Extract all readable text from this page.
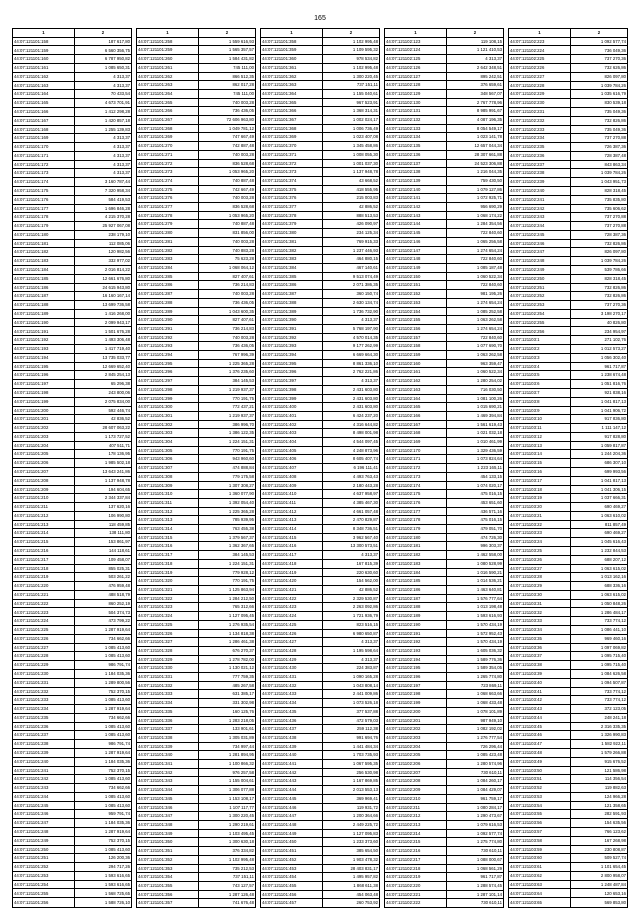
165
1	2
44:07:121101:158	187 617,80
44:07:121101:159	6 560 356,75
44:07:121101:160	6 787 950,82
44:07:121101:161	1 085 650,31
44:07:121101:162	4 313,37
44:07:121101:163	4 313,37
44:07:121101:164	70 433,54
44:07:121101:165	4 673 701,91
44:07:121101:166	1 412 298,28
44:07:121101:167	1 420 857,18
44:07:121101:168	1 255 139,83
44:07:121101:169	4 313,37
44:07:121101:170	4 313,37
44:07:121101:171	4 313,37
44:07:121101:172	4 313,37
44:07:121101:173	4 313,37
44:07:121101:174	3 160 787,44
44:07:121101:175	7 320 958,34
44:07:121101:176	584 419,53
44:07:121101:177	1 696 846,28
44:07:121101:178	4 215 370,28
44:07:121101:179	25 927 067,08
44:07:121101:180	238 179,10
44:07:121101:181	112 085,06
44:07:121101:182	120 982,56
44:07:121101:183	332 977,02
44:07:121101:184	2 016 814,22
44:07:121101:185	12 661 676,80
44:07:121101:186	24 615 943,80
44:07:121101:187	16 160 167,14
44:07:121101:188	13 699 736,58
44:07:121101:189	1 416 268,00
44:07:121101:190	2 099 943,17
44:07:121101:191	1 501 676,28
44:07:121101:192	1 493 306,48
44:07:121101:193	1 417 719,40
44:07:121101:194	13 735 033,77
44:07:121101:195	12 669 652,40
44:07:121101:196	2 845 254,13
44:07:121101:197	65 296,38
44:07:121101:198	243 800,06
44:07:121101:199	2 075 834,00
44:07:121101:200	592 446,74
44:07:121101:201	42 836,52
44:07:121101:202	28 607 063,22
44:07:121101:203	1 173 727,52
44:07:121101:204	407 511,71
44:07:121101:205	178 136,95
44:07:121101:206	1 985 502,18
44:07:121101:207	13 643 241,86
44:07:121101:208	1 137 948,78
44:07:121101:209	194 604,65
44:07:121101:210	2 344 337,84
44:07:121101:211	137 620,16
44:07:121101:212	106 990,80
44:07:121101:213	118 459,85
44:07:121101:214	138 111,80
44:07:121101:215	153 861,97
44:07:121101:216	144 118,61
44:07:121101:217	109 458,07
44:07:121101:218	855 025,31
44:07:121101:219	503 261,22
44:07:121101:220	476 959,48
44:07:121101:221	488 518,79
44:07:121101:222	860 252,19
44:07:121101:223	504 374,73
44:07:121101:224	473 799,22
44:07:121101:225	1 287 919,64
44:07:121101:226	734 662,66
44:07:121101:227	1 085 413,60
44:07:121101:228	1 085 413,60
44:07:121101:229	986 791,74
44:07:121101:230	1 184 035,36
44:07:121101:231	1 289 800,56
44:07:121101:232	752 370,15
44:07:121101:233	1 085 413,60
44:07:121101:234	1 287 919,64
44:07:121101:235	734 662,66
44:07:121101:236	1 085 413,60
44:07:121101:237	1 085 413,60
44:07:121101:238	986 791,74
44:07:121101:239	1 287 919,64
44:07:121101:240	1 184 035,36
44:07:121101:241	752 370,15
44:07:121101:242	1 085 413,60
44:07:121101:243	734 662,66
44:07:121101:244	1 085 413,60
44:07:121101:245	1 085 413,60
44:07:121101:246	959 791,74
44:07:121101:247	1 184 035,36
44:07:121101:248	1 287 919,64
44:07:121101:249	752 370,15
44:07:121101:250	1 085 413,60
44:07:121101:251	126 200,36
44:07:121101:252	294 717,26
44:07:121101:253	1 593 616,65
44:07:121101:254	1 593 616,65
44:07:121101:255	1 568 725,65
44:07:121101:256	1 588 726,10
1	2
44:07:121101:258	1 559 616,93
44:07:121101:259	1 565 357,57
44:07:121101:260	1 584 431,82
44:07:121101:261	745 111,00
44:07:121101:262	866 512,35
44:07:121101:263	862 017,28
44:07:121101:264	745 111,00
44:07:121101:265	740 003,28
44:07:121101:266	736 436,05
44:07:121101:267	72 606 963,80
44:07:121101:268	1 049 781,12
44:07:121101:269	747 667,49
44:07:121101:270	742 887,48
44:07:121101:271	740 003,28
44:07:121101:272	836 528,68
44:07:121101:273	1 053 965,20
44:07:121101:274	740 887,48
44:07:121101:275	742 667,49
44:07:121101:276	740 003,28
44:07:121101:277	836 528,68
44:07:121101:278	1 053 965,20
44:07:121101:279	740 887,48
44:07:121101:280	831 856,00
44:07:121101:281	740 003,28
44:07:121101:282	740 883,28
44:07:121101:283	75 623,28
44:07:121101:284	1 068 064,12
44:07:121101:285	827 407,61
44:07:121101:286	736 214,83
44:07:121101:287	740 003,28
44:07:121101:288	736 436,05
44:07:121101:289	1 043 600,35
44:07:121101:290	827 407,61
44:07:121101:291	736 214,83
44:07:121101:292	740 003,28
44:07:121101:293	736 436,05
44:07:121101:294	767 996,39
44:07:121101:295	1 225 365,28
44:07:121101:296	1 376 235,60
44:07:121101:297	384 145,53
44:07:121101:298	1 219 937,37
44:07:121101:299	770 191,75
44:07:121101:300	772 437,21
44:07:121101:301	1 219 937,37
44:07:121101:302	386 996,70
44:07:121101:303	1 386 122,35
44:07:121101:304	1 224 151,31
44:07:121101:305	770 191,75
44:07:121101:306	943 960,60
44:07:121101:307	474 888,84
44:07:121101:308	779 175,58
44:07:121101:309	1 307 308,27
44:07:121101:310	1 360 077,90
44:07:121101:311	1 392 054,40
44:07:121101:312	1 225 365,28
44:07:121101:313	785 939,95
44:07:121101:314	763 455,38
44:07:121101:315	1 379 567,37
44:07:121101:316	1 362 367,65
44:07:121101:317	384 145,53
44:07:121101:318	1 224 151,31
44:07:121101:319	779 928,12
44:07:121101:320	770 191,75
44:07:121101:321	1 125 863,94
44:07:121101:322	1 284 212,50
44:07:121101:323	765 312,66
44:07:121101:324	1 127 095,45
44:07:121101:325	1 276 935,54
44:07:121101:326	1 134 818,38
44:07:121101:327	1 286 461,38
44:07:121101:328	676 270,37
44:07:121101:329	1 278 782,00
44:07:121101:330	1 130 021,12
44:07:121101:331	777 759,35
44:07:121101:332	485 267,58
44:07:121101:333	631 385,17
44:07:121101:334	331 302,98
44:07:121101:335	160 125,76
44:07:121101:336	1 283 218,05
44:07:121101:337	133 901,61
44:07:121101:338	1 305 031,89
44:07:121101:339	734 997,44
44:07:121101:340	1 281 894,95
44:07:121101:341	1 100 866,32
44:07:121101:342	976 257,58
44:07:121101:343	1 155 004,61
44:07:121101:344	1 306 077,88
44:07:121101:345	1 153 108,17
44:07:121101:346	1 107 117,77
44:07:121101:347	1 300 220,45
44:07:121101:348	1 290 219,61
44:07:121101:349	1 103 495,45
44:07:121101:350	1 300 630,18
44:07:121101:351	376 334,82
44:07:121101:352	1 102 995,48
44:07:121101:353	735 212,53
44:07:121101:354	737 151,11
44:07:121101:355	743 127,57
44:07:121101:356	1 287 126,48
44:07:121101:357	741 676,48
1	2
44:07:121101:358	1 102 995,48
44:07:121101:359	1 109 595,32
44:07:121101:360	978 534,82
44:07:121101:361	1 102 995,48
44:07:121101:362	1 300 220,45
44:07:121101:363	737 151,11
44:07:121101:364	1 155 040,61
44:07:121101:365	967 523,91
44:07:121101:366	1 368 314,31
44:07:121101:367	1 002 024,17
44:07:121101:368	1 006 736,49
44:07:121101:369	1 023 407,08
44:07:121101:370	1 345 458,86
44:07:121101:371	1 008 055,30
44:07:121101:372	1 001 037,30
44:07:121101:373	1 137 948,78
44:07:121101:374	43 668,52
44:07:121101:375	418 555,95
44:07:121101:376	215 003,83
44:07:121101:377	42 886,52
44:07:121101:378	888 513,53
44:07:121101:379	426 090,97
44:07:121101:380	234 125,34
44:07:121101:381	769 915,33
44:07:121101:382	1 237 446,93
44:07:121101:383	464 880,15
44:07:121101:384	467 140,61
44:07:121101:385	9 513 074,49
44:07:121101:386	2 071 386,35
44:07:121101:387	360 150,74
44:07:121101:388	2 630 134,74
44:07:121101:389	1 736 732,90
44:07:121101:390	4 313,37
44:07:121101:391	5 768 197,90
44:07:121101:392	4 570 014,35
44:07:121101:393	9 177 262,99
44:07:121101:394	6 669 664,30
44:07:121101:395	8 861 336,10
44:07:121101:396	2 762 221,86
44:07:121101:397	4 313,37
44:07:121101:398	2 431 603,80
44:07:121101:399	2 431 603,80
44:07:121101:400	2 431 603,80
44:07:121101:401	6 424 237,20
44:07:121101:402	4 316 644,82
44:07:121101:403	8 498 001,98
44:07:121101:404	4 544 097,45
44:07:121101:405	4 248 873,96
44:07:121101:406	8 605 407,74
44:07:121101:407	6 196 111,41
44:07:121101:408	4 493 763,43
44:07:121101:409	2 180 443,28
44:07:121101:410	4 637 958,97
44:07:121101:411	4 385 467,30
44:07:121101:412	4 661 057,48
44:07:121101:413	2 470 829,87
44:07:121101:414	8 348 736,51
44:07:121101:415	3 962 567,40
44:07:121101:416	13 300 573,51
44:07:121101:417	4 313,37
44:07:121101:418	167 815,39
44:07:121101:419	220 630,60
44:07:121101:420	154 562,00
44:07:121101:421	42 886,52
44:07:121101:422	2 329 530,87
44:07:121101:423	2 263 092,86
44:07:121101:424	1 721 936,79
44:07:121101:425	823 516,15
44:07:121101:426	6 980 650,87
44:07:121101:427	4 313,37
44:07:121101:428	1 195 598,64
44:07:121101:429	4 313,37
44:07:121101:430	224 383,87
44:07:121101:431	1 090 165,28
44:07:121101:432	1 043 808,14
44:07:121101:433	2 441 009,86
44:07:121101:434	1 073 526,18
44:07:121101:435	377 537,88
44:07:121101:436	472 579,03
44:07:121101:437	259 112,38
44:07:121101:438	991 694,76
44:07:121101:439	1 441 484,34
44:07:121101:440	1 703 735,93
44:07:121101:441	1 067 595,35
44:07:121101:442	256 530,98
44:07:121101:443	1 167 869,85
44:07:121101:444	2 013 553,13
44:07:121101:445	369 969,41
44:07:121101:446	119 931,72
44:07:121101:447	1 200 364,66
44:07:121101:448	2 449 225,72
44:07:121101:449	1 127 095,83
44:07:121101:450	1 233 373,60
44:07:121101:451	385 654,50
44:07:121101:452	1 903 478,32
44:07:121101:453	28 403 831,17
44:07:121101:454	1 495 957,82
44:07:121101:455	1 868 611,38
44:07:121101:456	454 063,48
44:07:121101:457	260 753,92
1	2
44:07:121102:123	119 108,15
44:07:121102:124	1 121 410,53
44:07:121102:125	4 313,37
44:07:121102:126	2 642 348,51
44:07:121102:127	895 242,51
44:07:121102:128	376 659,61
44:07:121102:129	348 567,07
44:07:121102:130	2 767 778,96
44:07:121102:131	8 985 991,67
44:07:121102:132	4 087 196,35
44:07:121102:133	8 054 549,17
44:07:121102:134	1 023 141,78
44:07:121102:135	12 657 044,34
44:07:121102:136	28 307 661,88
44:07:121102:137	24 523 306,88
44:07:121102:138	1 216 044,35
44:07:121102:139	759 430,50
44:07:121102:140	1 079 127,86
44:07:121102:141	1 072 925,71
44:07:121102:142	956 690,29
44:07:121102:143	1 068 174,22
44:07:121102:144	1 284 354,56
44:07:121102:145	722 840,60
44:07:121102:146	1 065 256,58
44:07:121102:147	1 274 654,24
44:07:121102:148	722 840,60
44:07:121102:149	1 085 187,48
44:07:121102:150	1 060 522,34
44:07:121102:151	722 840,60
44:07:121102:152	981 195,26
44:07:121102:153	1 274 654,24
44:07:121102:154	1 085 252,58
44:07:121102:155	1 063 262,58
44:07:121102:156	1 274 654,24
44:07:121102:157	722 840,60
44:07:121102:158	1 077 690,70
44:07:121102:159	1 063 262,58
44:07:121102:160	963 359,47
44:07:121102:161	1 060 522,34
44:07:121102:162	1 280 254,02
44:07:121102:163	716 030,50
44:07:121102:164	1 081 100,26
44:07:121102:165	1 015 690,21
44:07:121102:166	1 469 394,84
44:07:121102:167	1 561 619,43
44:07:121102:168	1 021 032,18
44:07:121102:169	1 010 461,99
44:07:121102:170	1 329 436,59
44:07:121102:171	1 073 824,64
44:07:121102:172	1 223 165,11
44:07:121102:173	454 133,15
44:07:121102:174	1 074 020,17
44:07:121102:175	475 016,15
44:07:121102:176	453 651,60
44:07:121102:177	436 571,16
44:07:121102:178	475 016,15
44:07:121102:179	479 051,70
44:07:121102:180	474 726,30
44:07:121102:181	996 303,37
44:07:121102:182	1 462 558,00
44:07:121102:183	1 080 528,99
44:07:121102:184	1 016 590,21
44:07:121102:185	1 014 536,21
44:07:121102:186	1 463 640,81
44:07:121102:187	1 576 777,64
44:07:121102:188	1 013 198,48
44:07:121102:189	1 593 616,93
44:07:121102:190	1 570 434,19
44:07:121102:191	1 572 952,43
44:07:121102:192	1 570 434,19
44:07:121102:193	1 605 036,32
44:07:121102:194	1 589 776,36
44:07:121102:195	1 589 354,05
44:07:121102:196	1 265 774,80
44:07:121102:197	723 869,11
44:07:121102:198	1 068 663,66
44:07:121102:199	1 068 433,48
44:07:121102:200	1 078 101,89
44:07:121102:201	987 949,10
44:07:121102:202	1 082 192,02
44:07:121102:203	1 276 777,54
44:07:121102:204	726 296,44
44:07:121102:205	1 085 423,48
44:07:121102:206	1 280 574,96
44:07:121102:207	730 610,11
44:07:121102:208	1 084 260,17
44:07:121102:209	1 084 429,07
44:07:121102:210	961 759,17
44:07:121102:211	1 080 284,17
44:07:121102:212	1 290 473,67
44:07:121102:213	1 079 616,53
44:07:121102:214	1 092 577,74
44:07:121102:215	1 275 774,80
44:07:121102:216	730 610,11
44:07:121102:217	1 088 000,67
44:07:121102:218	1 068 561,29
44:07:121102:219	961 717,87
44:07:121102:220	1 288 574,45
44:07:121102:221	1 287 101,14
44:07:121102:222	730 610,11
1	2
44:07:121102:223	1 092 577,74
44:07:121102:224	736 049,36
44:07:121102:225	737 270,36
44:07:121102:226	732 626,86
44:07:121102:227	826 097,80
44:07:121102:228	1 039 784,26
44:07:121102:229	1 035 616,79
44:07:121102:230	830 539,18
44:07:121102:231	735 049,36
44:07:121102:232	732 826,86
44:07:121102:233	735 049,36
44:07:121102:234	737 270,88
44:07:121102:235	726 387,36
44:07:121102:236	728 387,48
44:07:121102:237	843 863,34
44:07:121102:238	1 039 784,26
44:07:121102:239	1 043 951,73
44:07:121102:240	828 318,45
44:07:121102:241	735 835,80
44:07:121102:242	735 606,62
44:07:121102:243	737 270,88
44:07:121102:244	737 270,88
44:07:121102:245	728 387,36
44:07:121102:246	732 826,86
44:07:121102:247	826 097,80
44:07:121102:248	1 039 784,26
44:07:121102:249	539 786,66
44:07:121102:250	828 318,45
44:07:121102:251	732 826,86
44:07:121102:252	732 826,86
44:07:121102:253	737 270,36
44:07:121102:254	3 198 270,17
44:07:121102:255	40 826,80
44:07:121102:256	234 954,97
44:07:121103:1	271 102,76
44:07:121103:2	1 012 573,27
44:07:121103:3	1 056 302,40
44:07:121103:4	961 717,87
44:07:121103:5	1 238 674,48
44:07:121103:6	1 051 816,76
44:07:121103:7	921 838,16
44:07:121103:8	1 041 817,13
44:07:121103:9	1 041 906,72
44:07:121103:10	917 836,80
44:07:121103:11	1 111 147,12
44:07:121103:12	917 828,80
44:07:121103:13	1 059 817,87
44:07:121103:14	1 244 204,36
44:07:121103:15	686 307,10
44:07:121103:16	699 993,56
44:07:121103:17	1 041 817,13
44:07:121103:18	1 041 306,15
44:07:121103:19	1 037 666,31
44:07:121103:20	690 469,27
44:07:121103:21	1 063 610,02
44:07:121103:22	811 857,49
44:07:121103:23	690 469,27
44:07:121103:24	1 045 616,43
44:07:121103:25	1 232 844,53
44:07:121103:26	688 207,12
44:07:121103:27	1 063 615,02
44:07:121103:28	1 013 162,16
44:07:121103:29	688 336,16
44:07:121103:30	1 063 615,02
44:07:121103:31	1 050 848,26
44:07:121103:32	1 286 484,17
44:07:121103:33	733 774,12
44:07:121103:34	1 086 441,10
44:07:121103:35	969 460,16
44:07:121103:36	1 097 069,82
44:07:121103:37	1 095 715,40
44:07:121103:38	1 095 715,40
44:07:121103:39	1 084 626,58
44:07:121103:40	1 094 507,87
44:07:121103:41	733 774,12
44:07:121103:42	733 774,12
44:07:121103:43	372 123,05
44:07:121103:44	248 241,18
44:07:121103:45	2 316 335,35
44:07:121103:46	1 326 990,83
44:07:121103:47	1 582 922,11
44:07:121103:48	1 579 266,88
44:07:121103:49	915 676,52
44:07:121103:50	121 586,98
44:07:121103:51	114 356,54
44:07:121103:52	119 882,63
44:07:121103:53	124 966,28
44:07:121103:54	121 358,65
44:07:121103:55	282 591,93
44:07:121103:56	154 635,56
44:07:121103:57	766 123,62
44:07:121103:58	167 268,98
44:07:121103:59	230 808,87
44:07:121103:60	509 527,74
44:07:121103:61	1 101 654,45
44:07:121103:62	2 800 958,07
44:07:121103:63	1 248 487,84
44:07:121103:64	120 653,16
44:07:121103:65	569 853,80
